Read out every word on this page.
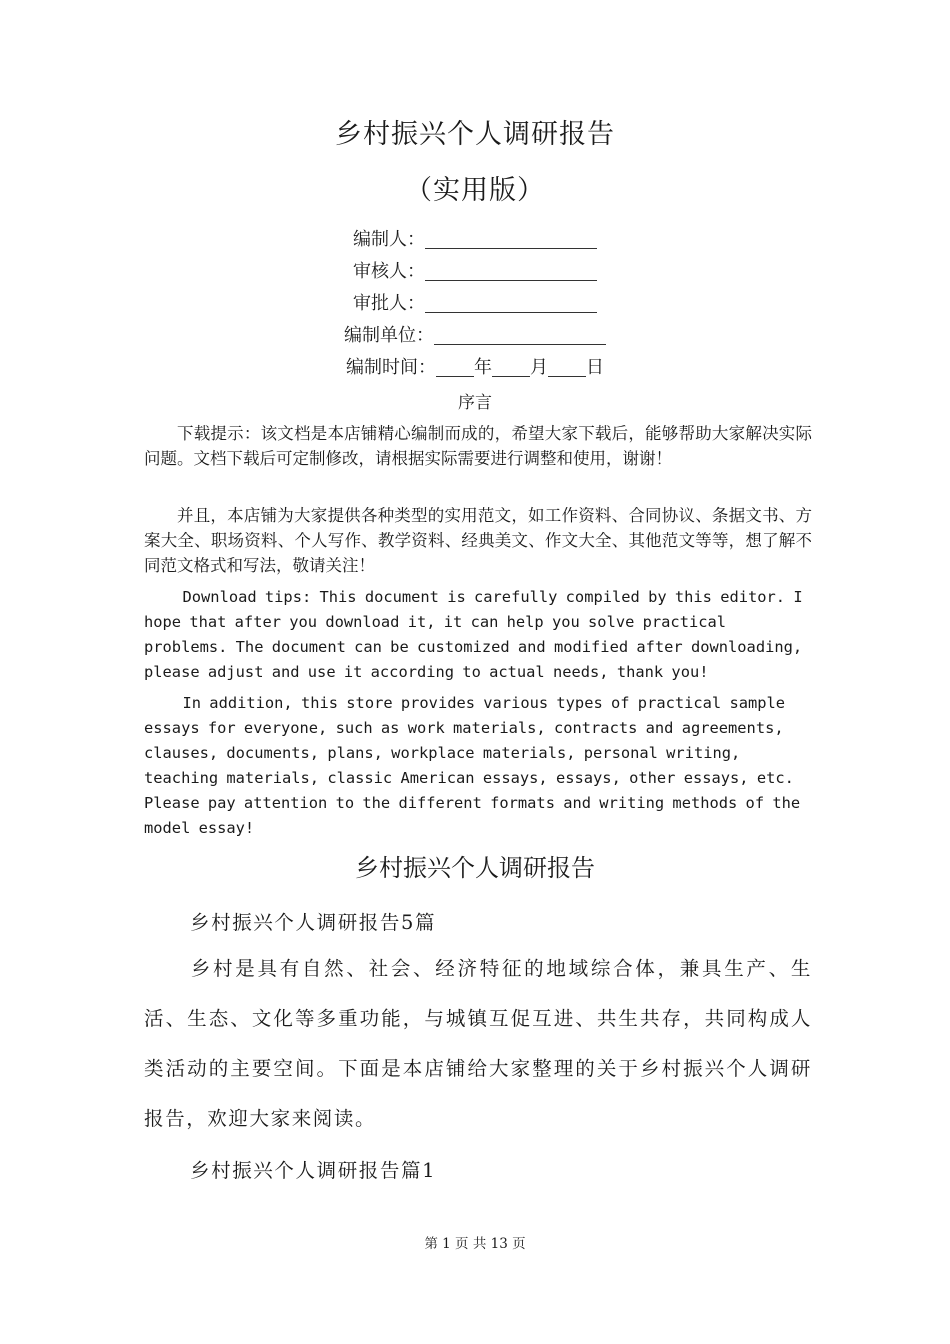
乡村振兴个人调研报告
（实用版）
编制人：
审核人：
审批人：
编制单位：
编制时间： 年 月 日
序言

下载提示：该文档是本店铺精心编制而成的，希望大家下载后，能够帮助大家解决实际问题。文档下载后可定制修改，请根据实际需要进行调整和使用，谢谢！

并且，本店铺为大家提供各种类型的实用范文，如工作资料、合同协议、条据文书、方案大全、职场资料、个人写作、教学资料、经典美文、作文大全、其他范文等等，想了解不同范文格式和写法，敬请关注！

Download tips: This document is carefully compiled by this editor. I hope that after you download it, it can help you solve practical problems. The document can be customized and modified after downloading, please adjust and use it according to actual needs, thank you!

In addition, this store provides various types of practical sample essays for everyone, such as work materials, contracts and agreements, clauses, documents, plans, workplace materials, personal writing, teaching materials, classic American essays, essays, other essays, etc. Please pay attention to the different formats and writing methods of the model essay!

乡村振兴个人调研报告
乡村振兴个人调研报告5篇

乡村是具有自然、社会、经济特征的地域综合体，兼具生产、生活、生态、文化等多重功能，与城镇互促互进、共生共存，共同构成人类活动的主要空间。下面是本店铺给大家整理的关于乡村振兴个人调研报告，欢迎大家来阅读。

乡村振兴个人调研报告篇1
第 1 页 共 13 页
